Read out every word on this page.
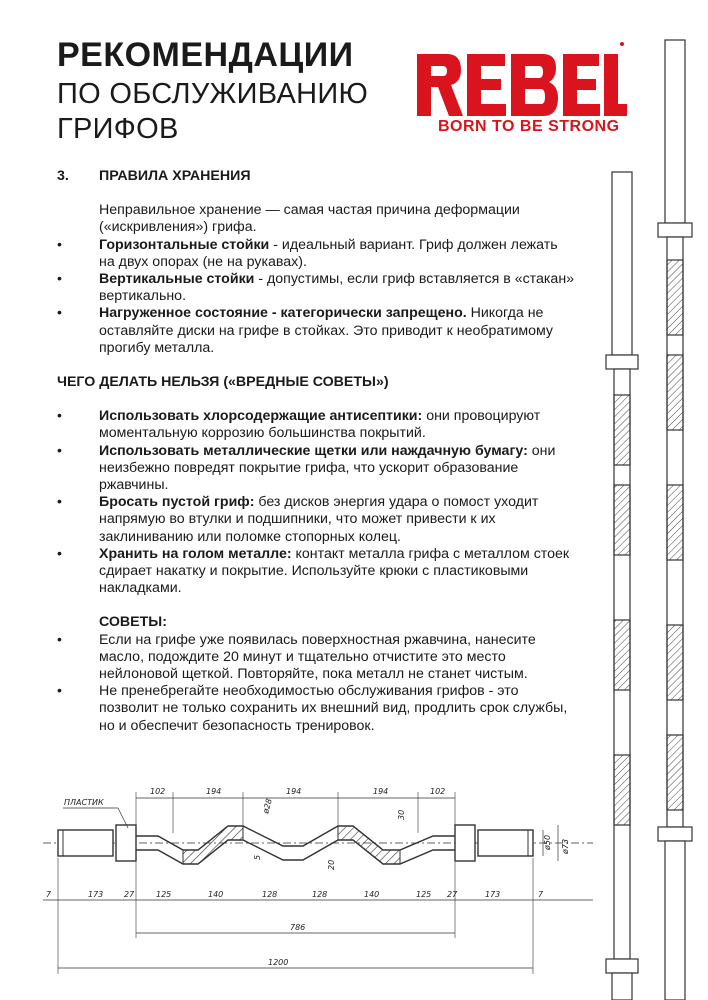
РЕКОМЕНДАЦИИ
ПО ОБСЛУЖИВАНИЮ
ГРИФОВ	BORN TO BE STRONG
3. ПРАВИЛА ХРАНЕНИЯ
Неправильное хранение — самая частая причина деформации («искривления») грифа.
•	Горизонтальные стойки - идеальный вариант. Гриф должен лежать на двух опорах (не на рукавах).
•	Вертикальные стойки - допустимы, если гриф вставляется в «стакан» вертикально.
•	Нагруженное состояние - категорически запрещено. Никогда не оставляйте диски на грифе в стойках. Это приводит к необратимому прогибу металла.
ЧЕГО ДЕЛАТЬ НЕЛЬЗЯ («ВРЕДНЫЕ СОВЕТЫ»)
•	Использовать хлорсодержащие антисептики: они провоцируют моментальную коррозию большинства покрытий.
•	Использовать металлические щетки или наждачную бумагу: они неизбежно повредят покрытие грифа, что ускорит образование ржавчины.
•	Бросать пустой гриф: без дисков энергия удара о помост уходит напрямую во втулки и подшипники, что может привести к их заклиниванию или поломке стопорных колец.
•	Хранить на голом металле: контакт металла грифа с металлом стоек сдирает накатку и покрытие. Используйте крюки с пластиковыми накладками.
СОВЕТЫ:
•	Если на грифе уже появилась поверхностная ржавчина, нанесите масло, подождите 20 минут и тщательно отчистите это место нейлоновой щеткой. Повторяйте, пока металл не станет чистым.
•	Не пренебрегайте необходимостью обслуживания грифов - это позволит не только сохранить их внешний вид, продлить срок службы, но и обеспечит безопасность тренировок.
ПЛАСТИК
102	194	194	194	102
7	173	27	125	140	128	128	140	125 27	173	7
ø28
30
5
20
ø50 ø73
786
1200
